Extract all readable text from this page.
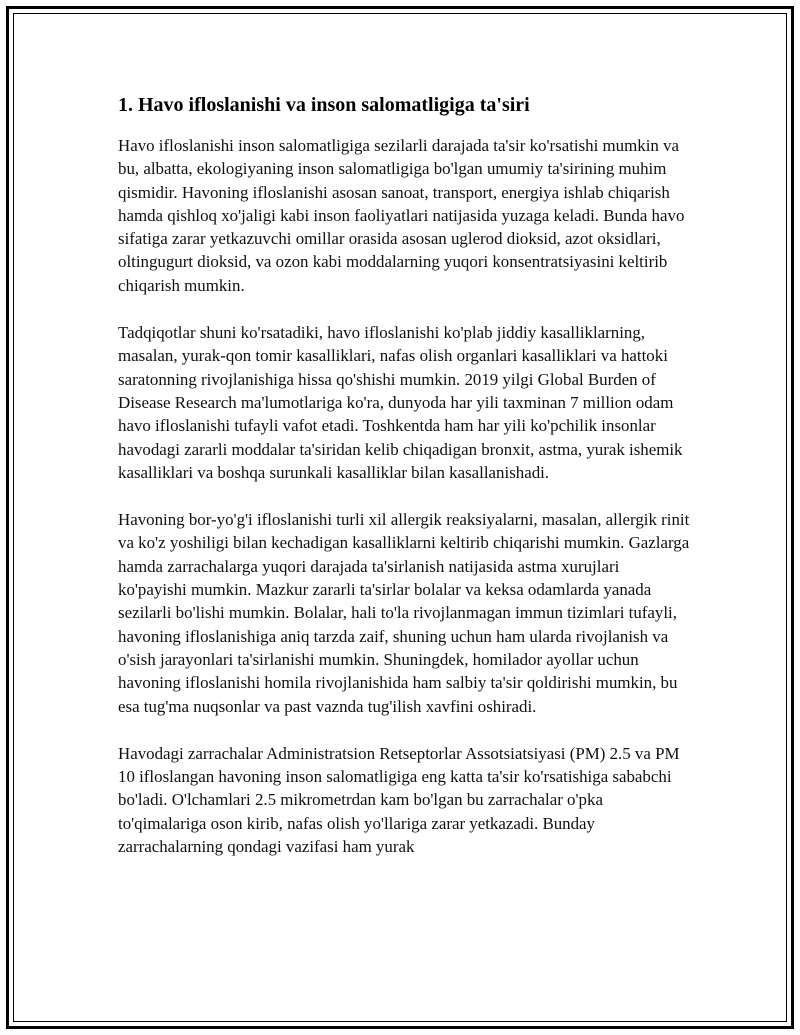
1. Havo ifloslanishi va inson salomatligiga ta'siri

Havo ifloslanishi inson salomatligiga sezilarli darajada ta'sir ko'rsatishi mumkin va bu, albatta, ekologiyaning inson salomatligiga bo'lgan umumiy ta'sirining muhim qismidir. Havoning ifloslanishi asosan sanoat, transport, energiya ishlab chiqarish hamda qishloq xo'jaligi kabi inson faoliyatlari natijasida yuzaga keladi. Bunda havo sifatiga zarar yetkazuvchi omillar orasida asosan uglerod dioksid, azot oksidlari, oltingugurt dioksid, va ozon kabi moddalarning yuqori konsentratsiyasini keltirib chiqarish mumkin.

Tadqiqotlar shuni ko'rsatadiki, havo ifloslanishi ko'plab jiddiy kasalliklarning, masalan, yurak-qon tomir kasalliklari, nafas olish organlari kasalliklari va hattoki saratonning rivojlanishiga hissa qo'shishi mumkin. 2019 yilgi Global Burden of Disease Research ma'lumotlariga ko'ra, dunyoda har yili taxminan 7 million odam havo ifloslanishi tufayli vafot etadi. Toshkentda ham har yili ko'pchilik insonlar havodagi zararli moddalar ta'siridan kelib chiqadigan bronxit, astma, yurak ishemik kasalliklari va boshqa surunkali kasalliklar bilan kasallanishadi.

Havoning bor-yo'g'i ifloslanishi turli xil allergik reaksiyalarni, masalan, allergik rinit va ko'z yoshiligi bilan kechadigan kasalliklarni keltirib chiqarishi mumkin. Gazlarga hamda zarrachalarga yuqori darajada ta'sirlanish natijasida astma xurujlari ko'payishi mumkin. Mazkur zararli ta'sirlar bolalar va keksa odamlarda yanada sezilarli bo'lishi mumkin. Bolalar, hali to'la rivojlanmagan immun tizimlari tufayli, havoning ifloslanishiga aniq tarzda zaif, shuning uchun ham ularda rivojlanish va o'sish jarayonlari ta'sirlanishi mumkin. Shuningdek, homilador ayollar uchun havoning ifloslanishi homila rivojlanishida ham salbiy ta'sir qoldirishi mumkin, bu esa tug'ma nuqsonlar va past vaznda tug'ilish xavfini oshiradi.

Havodagi zarrachalar Administratsion Retseptorlar Assotsiatsiyasi (PM) 2.5 va PM 10 ifloslangan havoning inson salomatligiga eng katta ta'sir ko'rsatishiga sababchi bo'ladi. O'lchamlari 2.5 mikrometrdan kam bo'lgan bu zarrachalar o'pka to'qimalariga oson kirib, nafas olish yo'llariga zarar yetkazadi. Bunday zarrachalarning qondagi vazifasi ham yurak
